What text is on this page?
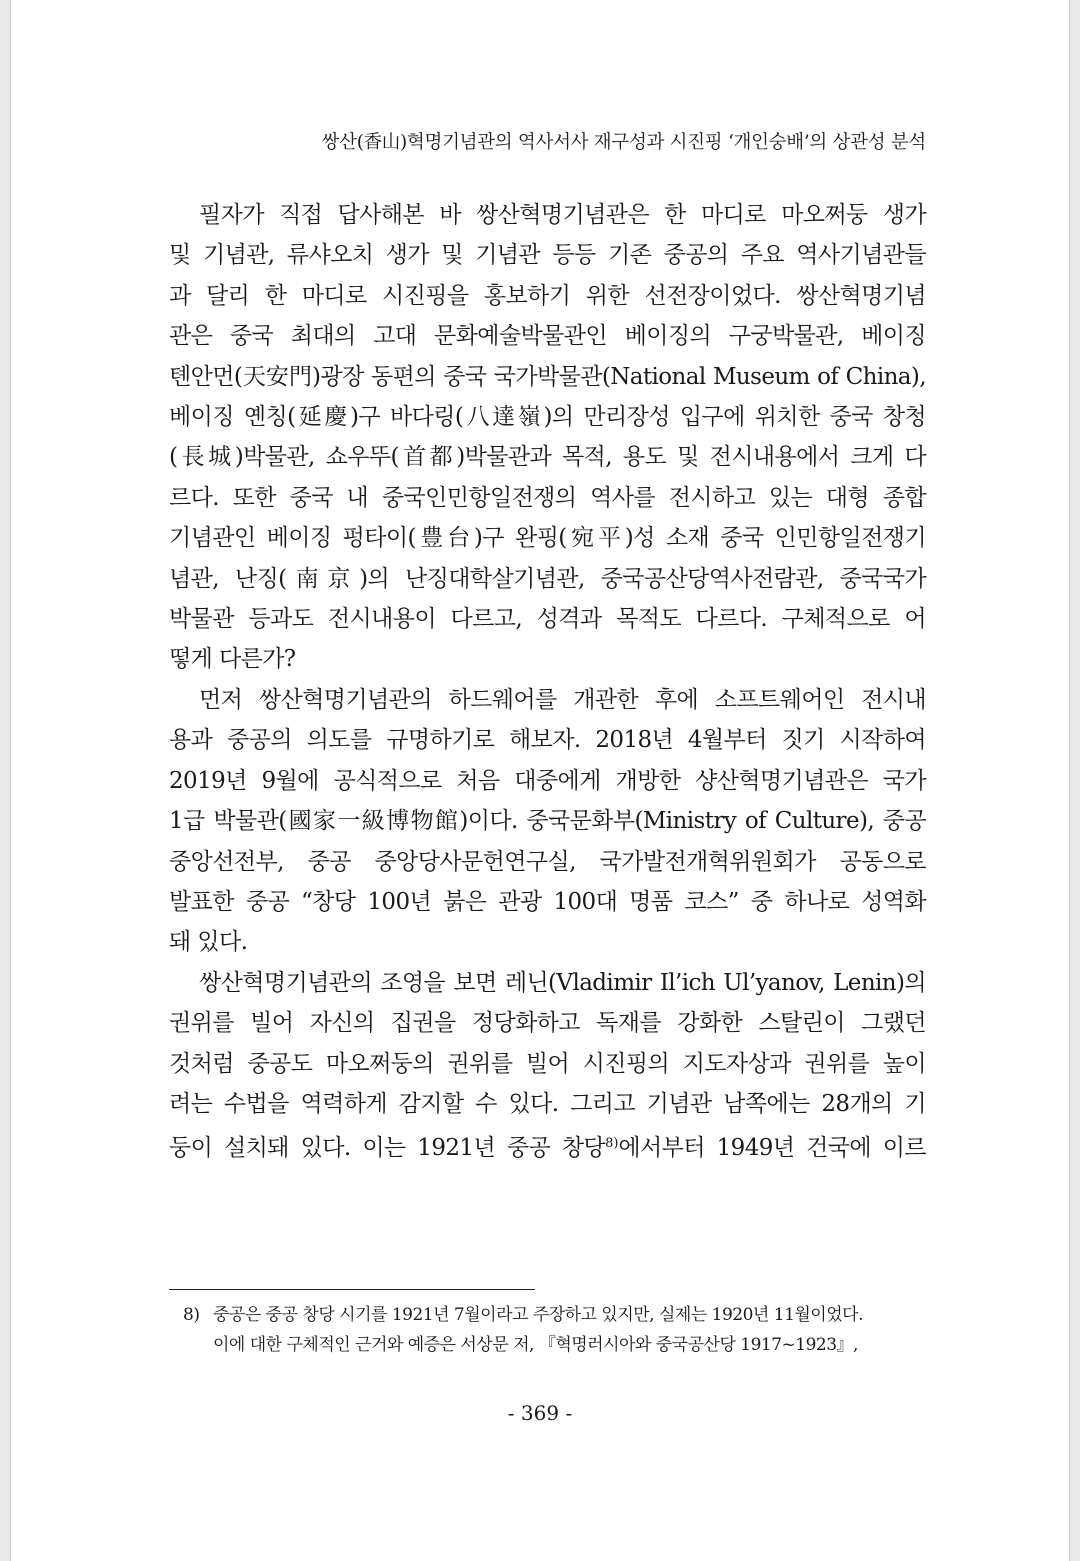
쌍산(香山)혁명기념관의 역사서사 재구성과 시진핑 ‘개인숭배’의 상관성 분석

필자가 직접 답사해본 바 쌍산혁명기념관은 한 마디로 마오쩌둥 생가
및 기념관, 류샤오치 생가 및 기념관 등등 기존 중공의 주요 역사기념관들
과 달리 한 마디로 시진핑을 홍보하기 위한 선전장이었다. 쌍산혁명기념
관은 중국 최대의 고대 문화예술박물관인 베이징의 구궁박물관, 베이징
톈안먼(天安門)광장 동편의 중국 국가박물관(National Museum of China),
베이징 옌칭(延慶)구 바다링(八達嶺)의 만리장성 입구에 위치한 중국 창청
(長城)박물관, 쇼우뚜(首都)박물관과 목적, 용도 및 전시내용에서 크게 다
르다. 또한 중국 내 중국인민항일전쟁의 역사를 전시하고 있는 대형 종합
기념관인 베이징 펑타이(豊台)구 완핑(宛平)성 소재 중국 인민항일전쟁기
념관, 난징(南京)의 난징대학살기념관, 중국공산당역사전람관, 중국국가
박물관 등과도 전시내용이 다르고, 성격과 목적도 다르다. 구체적으로 어
떻게 다른가?

먼저 쌍산혁명기념관의 하드웨어를 개관한 후에 소프트웨어인 전시내
용과 중공의 의도를 규명하기로 해보자. 2018년 4월부터 짓기 시작하여
2019년 9월에 공식적으로 처음 대중에게 개방한 샹산혁명기념관은 국가
1급 박물관(國家一級博物館)이다. 중국문화부(Ministry of Culture), 중공
중앙선전부, 중공 중앙당사문헌연구실, 국가발전개혁위원회가 공동으로
발표한 중공 “창당 100년 붉은 관광 100대 명품 코스” 중 하나로 성역화
돼 있다.

쌍산혁명기념관의 조영을 보면 레닌(Vladimir Il’ich Ul’yanov, Lenin)의
권위를 빌어 자신의 집권을 정당화하고 독재를 강화한 스탈린이 그랬던
것처럼 중공도 마오쩌둥의 권위를 빌어 시진핑의 지도자상과 권위를 높이
려는 수법을 역력하게 감지할 수 있다. 그리고 기념관 남쪽에는 28개의 기
둥이 설치돼 있다. 이는 1921년 중공 창당$^{8)}$에서부터 1949년 건국에 이르

8) 중공은 중공 창당 시기를 1921년 7월이라고 주장하고 있지만, 실제는 1920년 11월이었다.
이에 대한 구체적인 근거와 예증은 서상문 저, 『혁명러시아와 중국공산당 1917~1923』,
- 369 -
